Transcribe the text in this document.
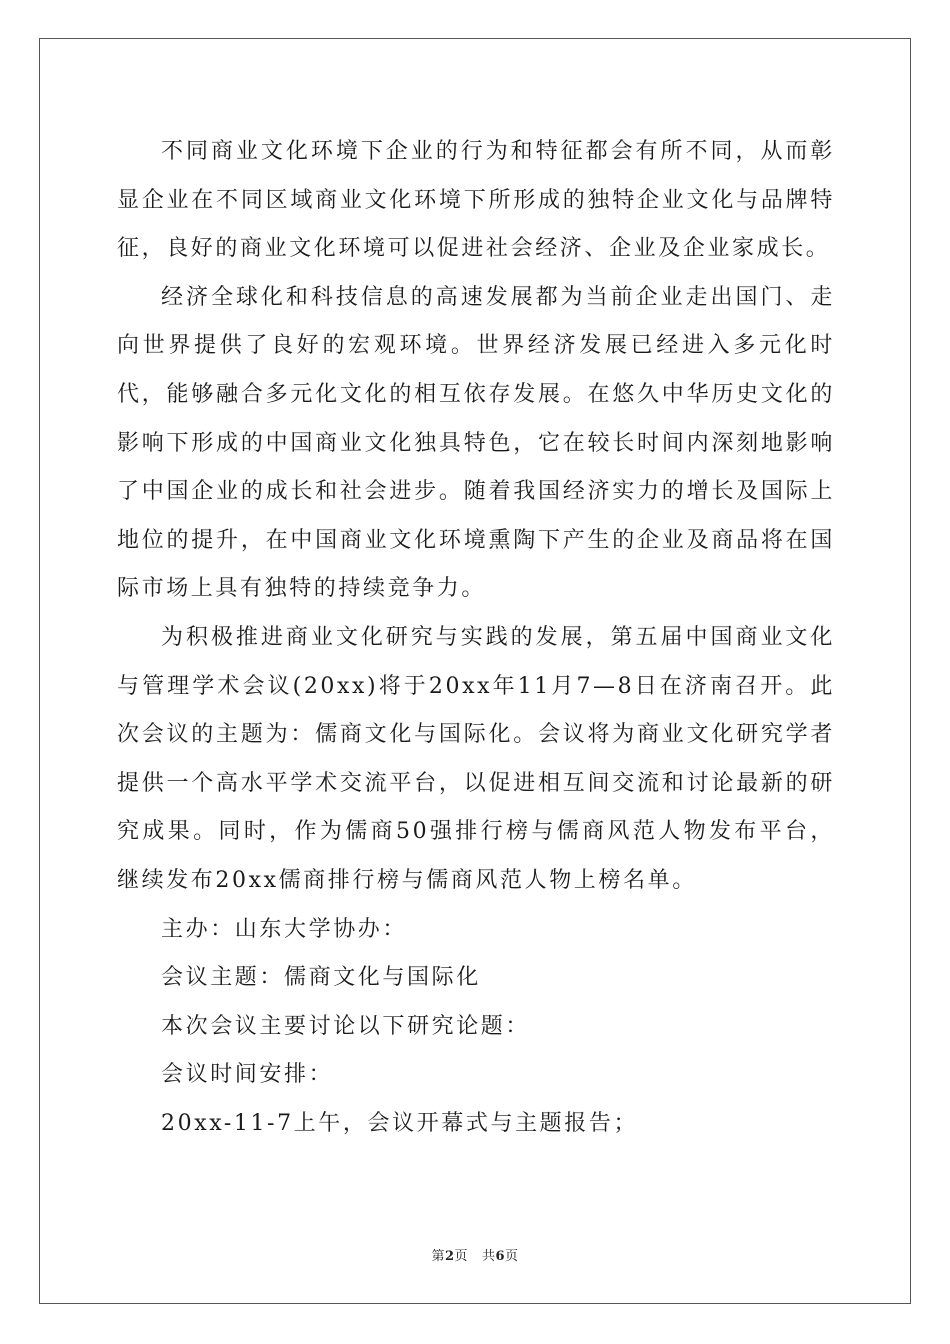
不同商业文化环境下企业的行为和特征都会有所不同，从而彰显企业在不同区域商业文化环境下所形成的独特企业文化与品牌特征，良好的商业文化环境可以促进社会经济、企业及企业家成长。

经济全球化和科技信息的高速发展都为当前企业走出国门、走向世界提供了良好的宏观环境。世界经济发展已经进入多元化时代，能够融合多元化文化的相互依存发展。在悠久中华历史文化的影响下形成的中国商业文化独具特色，它在较长时间内深刻地影响了中国企业的成长和社会进步。随着我国经济实力的增长及国际上地位的提升，在中国商业文化环境熏陶下产生的企业及商品将在国际市场上具有独特的持续竞争力。

为积极推进商业文化研究与实践的发展，第五届中国商业文化与管理学术会议(20xx)将于20xx年11月7—8日在济南召开。此次会议的主题为：儒商文化与国际化。会议将为商业文化研究学者提供一个高水平学术交流平台，以促进相互间交流和讨论最新的研究成果。同时，作为儒商50强排行榜与儒商风范人物发布平台，继续发布20xx儒商排行榜与儒商风范人物上榜名单。

主办：山东大学协办：

会议主题：儒商文化与国际化

本次会议主要讨论以下研究论题：

会议时间安排：

20xx-11-7上午，会议开幕式与主题报告；

第2页   共6页
